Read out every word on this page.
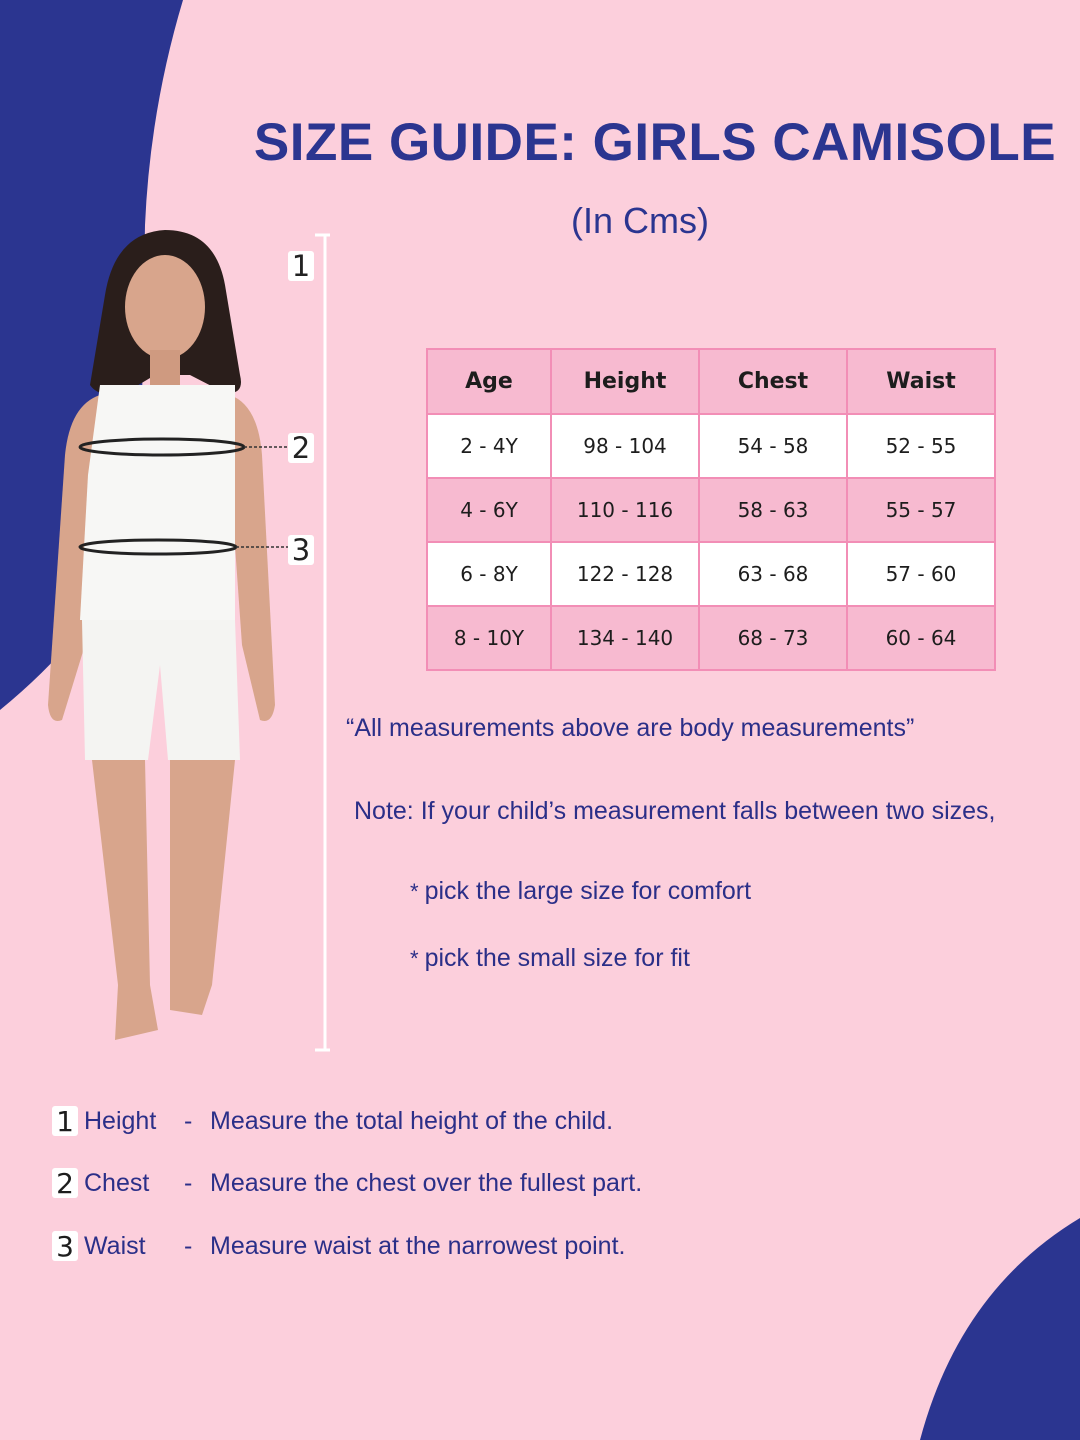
SIZE GUIDE: GIRLS CAMISOLE
(In Cms)
1
2
3
Age	Height	Chest	Waist
2 - 4Y	98 - 104	54 - 58	52 - 55
4 - 6Y	110 - 116	58 - 63	55 - 57
6 - 8Y	122 - 128	63 - 68	57 - 60
8 - 10Y	134 - 140	68 - 73	60 - 64
“All measurements above are body measurements”
Note: If your child’s measurement falls between two sizes,
* pick the large size for comfort
* pick the small size for fit
1 Height - Measure the total height of the child.
2 Chest - Measure the chest over the fullest part.
3 Waist - Measure waist at the narrowest point.
